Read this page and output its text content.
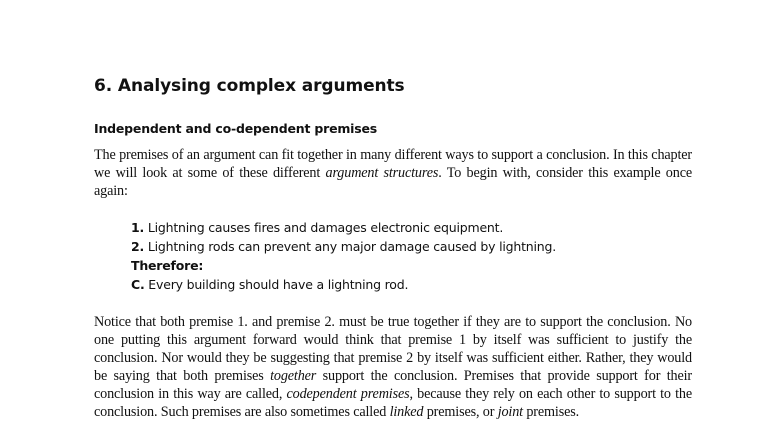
6. Analysing complex arguments
Independent and co-dependent premises

The premises of an argument can fit together in many different ways to support a conclusion. In this chapter we will look at some of these different argument structures. To begin with, consider this example once again:

1. Lightning causes fires and damages electronic equipment.
2. Lightning rods can prevent any major damage caused by lightning.
Therefore:
C. Every building should have a lightning rod.

Notice that both premise 1. and premise 2. must be true together if they are to support the conclusion. No one putting this argument forward would think that premise 1 by itself was sufficient to justify the conclusion. Nor would they be suggesting that premise 2 by itself was sufficient either. Rather, they would be saying that both premises together support the conclusion. Premises that provide support for their conclusion in this way are called, codependent premises, because they rely on each other to support to the conclusion. Such premises are also sometimes called linked premises, or joint premises.
